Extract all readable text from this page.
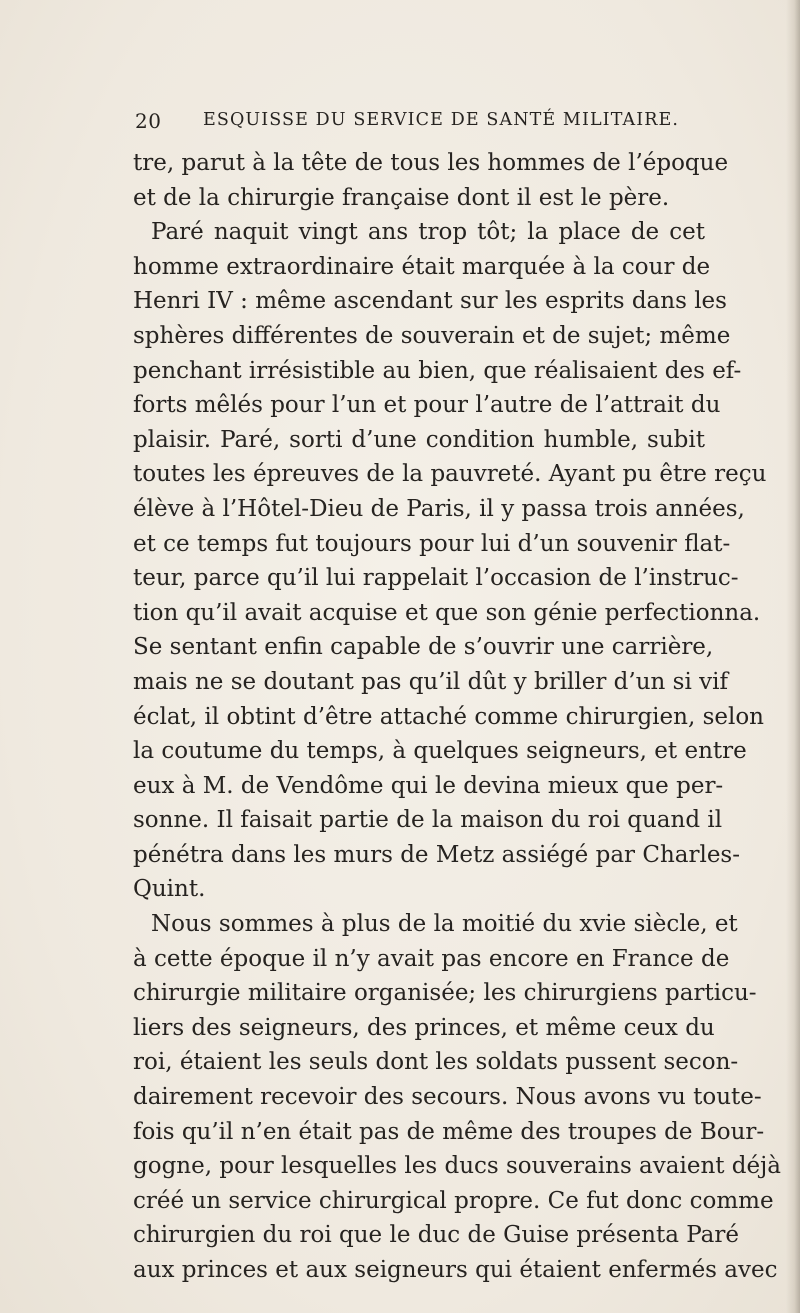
20 ESQUISSE DU SERVICE DE SANTÉ MILITAIRE.
tre, parut à la tête de tous les hommes de l’époque
et de la chirurgie française dont il est le père.
Paré naquit vingt ans trop tôt; la place de cet
homme extraordinaire était marquée à la cour de
Henri IV : même ascendant sur les esprits dans les
sphères différentes de souverain et de sujet; même
penchant irrésistible au bien, que réalisaient des ef-
forts mêlés pour l’un et pour l’autre de l’attrait du
plaisir. Paré, sorti d’une condition humble, subit
toutes les épreuves de la pauvreté. Ayant pu être reçu
élève à l’Hôtel-Dieu de Paris, il y passa trois années,
et ce temps fut toujours pour lui d’un souvenir flat-
teur, parce qu’il lui rappelait l’occasion de l’instruc-
tion qu’il avait acquise et que son génie perfectionna.
Se sentant enfin capable de s’ouvrir une carrière,
mais ne se doutant pas qu’il dût y briller d’un si vif
éclat, il obtint d’être attaché comme chirurgien, selon
la coutume du temps, à quelques seigneurs, et entre
eux à M. de Vendôme qui le devina mieux que per-
sonne. Il faisait partie de la maison du roi quand il
pénétra dans les murs de Metz assiégé par Charles-
Quint.
Nous sommes à plus de la moitié du xvie siècle, et
à cette époque il n’y avait pas encore en France de
chirurgie militaire organisée; les chirurgiens particu-
liers des seigneurs, des princes, et même ceux du
roi, étaient les seuls dont les soldats pussent secon-
dairement recevoir des secours. Nous avons vu toute-
fois qu’il n’en était pas de même des troupes de Bour-
gogne, pour lesquelles les ducs souverains avaient déjà
créé un service chirurgical propre. Ce fut donc comme
chirurgien du roi que le duc de Guise présenta Paré
aux princes et aux seigneurs qui étaient enfermés avec
